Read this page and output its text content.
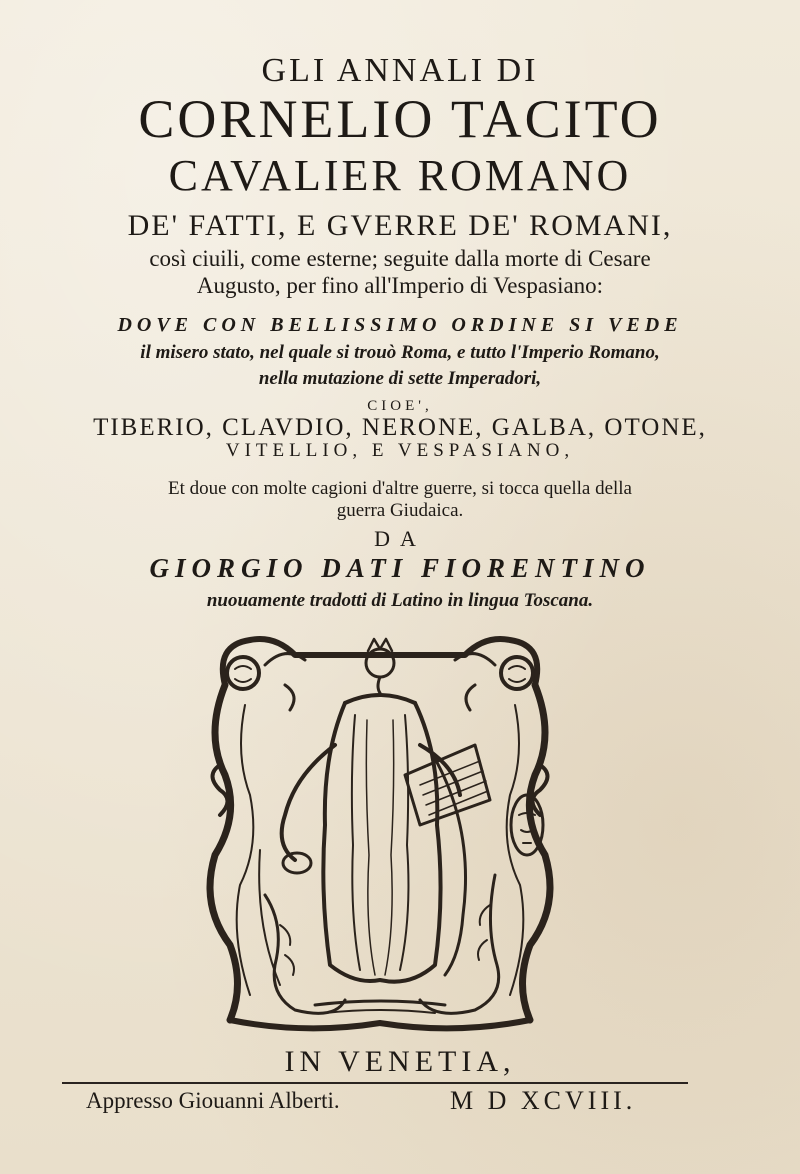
GLI ANNALI DI
CORNELIO TACITO
CAVALIER ROMANO
DE' FATTI, E GVERRE DE' ROMANI,
così ciuili, come esterne; seguite dalla morte di Cesare
Augusto, per fino all'Imperio di Vespasiano:
DOVE CON BELLISSIMO ORDINE SI VEDE
il misero stato, nel quale si trouò Roma, e tutto l'Imperio Romano,
nella mutazione di sette Imperadori,
CIOE',
TIBERIO, CLAVDIO, NERONE, GALBA, OTONE,
VITELLIO, E VESPASIANO,
Et doue con molte cagioni d'altre guerre, si tocca quella della
guerra Giudaica.
DA
GIORGIO DATI FIORENTINO
nuouamente tradotti di Latino in lingua Toscana.
IN VENETIA,
Appresso Giouanni Alberti.	M D XCVIII.
